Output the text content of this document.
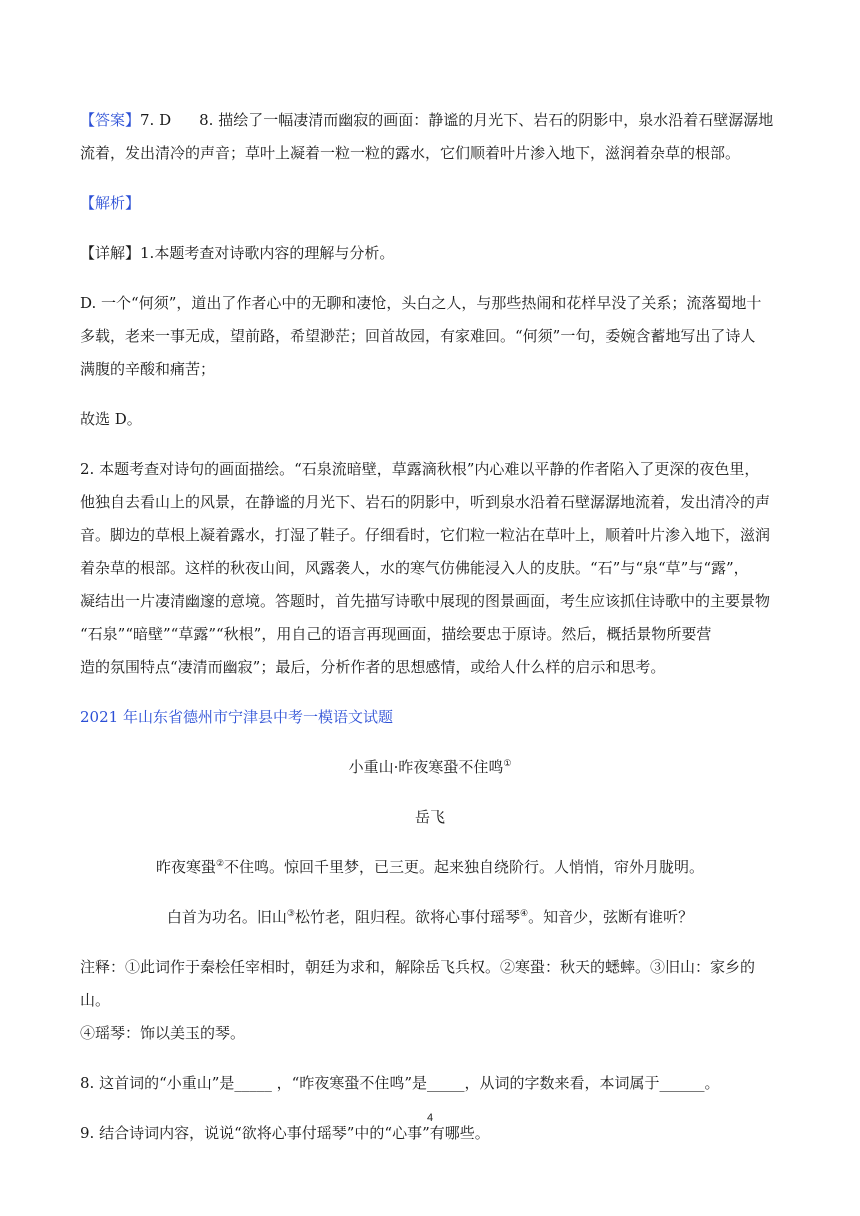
【答案】7. D 8. 描绘了一幅凄清而幽寂的画面：静谧的月光下、岩石的阴影中，泉水沿着石壁潺潺地

流着，发出清冷的声音；草叶上凝着一粒一粒的露水，它们顺着叶片渗入地下，滋润着杂草的根部。

【解析】

【详解】1.本题考查对诗歌内容的理解与分析。

D. 一个“何须”，道出了作者心中的无聊和凄怆，头白之人，与那些热闹和花样早没了关系；流落蜀地十

多载，老来一事无成，望前路，希望渺茫；回首故园，有家难回。“何须”一句，委婉含蓄地写出了诗人

满腹的辛酸和痛苦；

故选 D。

2. 本题考查对诗句的画面描绘。“石泉流暗壁，草露滴秋根”内心难以平静的作者陷入了更深的夜色里，

他独自去看山上的风景，在静谧的月光下、岩石的阴影中，听到泉水沿着石壁潺潺地流着，发出清冷的声

音。脚边的草根上凝着露水，打湿了鞋子。仔细看时，它们粒一粒沾在草叶上，顺着叶片渗入地下，滋润

着杂草的根部。这样的秋夜山间，风露袭人，水的寒气仿佛能浸入人的皮肤。“石”与“泉“草”与“露”，

凝结出一片凄清幽邃的意境。答题时，首先描写诗歌中展现的图景画面，考生应该抓住诗歌中的主要景物

“石泉”“暗壁”“草露”“秋根”，用自己的语言再现画面，描绘要忠于原诗。然后，概括景物所要营

造的氛围特点“凄清而幽寂”；最后，分析作者的思想感情，或给人什么样的启示和思考。

2021 年山东省德州市宁津县中考一模语文试题

小重山·昨夜寒蛩不住鸣①

岳飞

昨夜寒蛩②不住鸣。惊回千里梦，已三更。起来独自绕阶行。人悄悄，帘外月胧明。

白首为功名。旧山③松竹老，阻归程。欲将心事付瑶琴④。知音少，弦断有谁听？

注释：①此词作于秦桧任宰相时，朝廷为求和，解除岳飞兵权。②寒蛩：秋天的蟋蟀。③旧山：家乡的山。

④瑶琴：饰以美玉的琴。

8. 这首词的“小重山”是_____ ，“昨夜寒蛩不住鸣”是_____，从词的字数来看，本词属于______。

9. 结合诗词内容，说说“欲将心事付瑶琴”中的“心事”有哪些。

4
